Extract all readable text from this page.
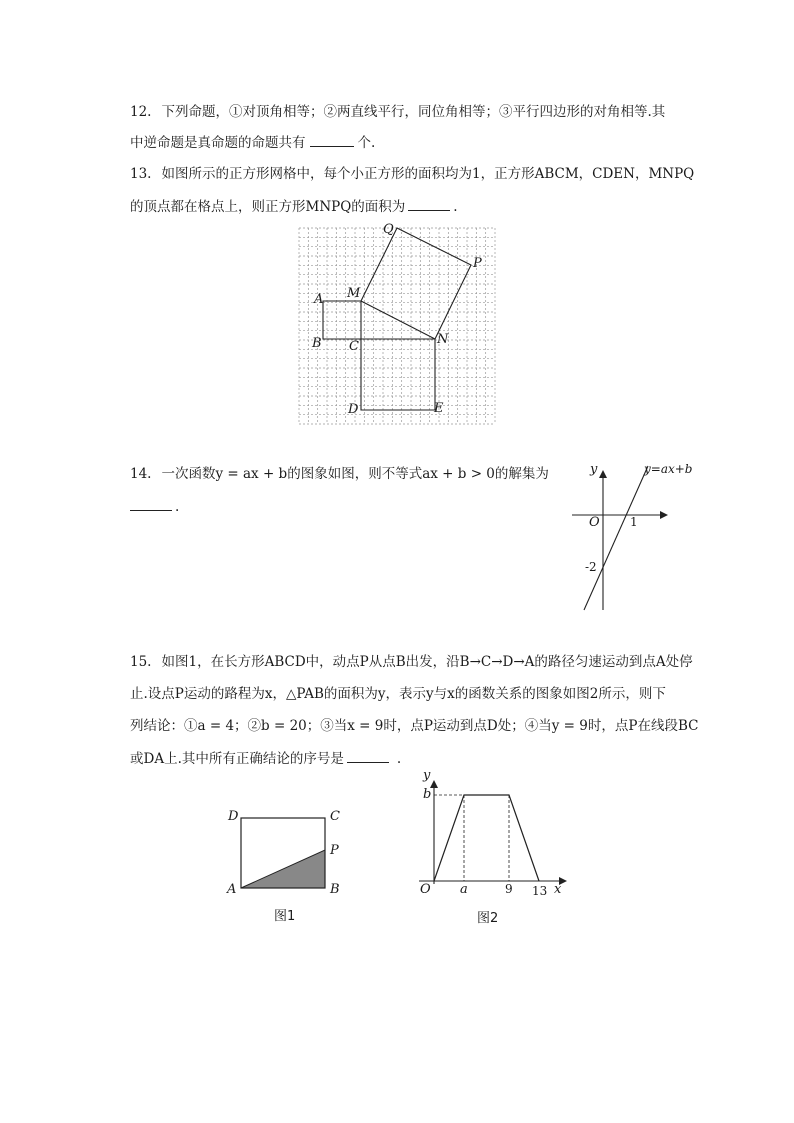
12. 下列命题，①对顶角相等；②两直线平行，同位角相等；③平行四边形的对角相等.其
中逆命题是真命题的命题共有	个.
13. 如图所示的正方形网格中，每个小正方形的面积均为1，正方形ABCM，CDEN，MNPQ
的顶点都在格点上，则正方形MNPQ的面积为	.
Q
P
A M
B C	N
D	E
14. 一次函数y = ax + b的图象如图，则不等式ax + b > 0的解集为
.
y	y=ax+b
O	1
-2
15. 如图1，在长方形ABCD中，动点P从点B出发，沿B→C→D→A的路径匀速运动到点A处停
止.设点P运动的路程为x，△PAB的面积为y，表示y与x的函数关系的图象如图2所示，则下
列结论：①a = 4；②b = 20；③当x = 9时，点P运动到点D处；④当y = 9时，点P在线段BC
或DA上.其中所有正确结论的序号是	.
D	C
P
A	B
图1
y
b
O a	9 13 x
图2
